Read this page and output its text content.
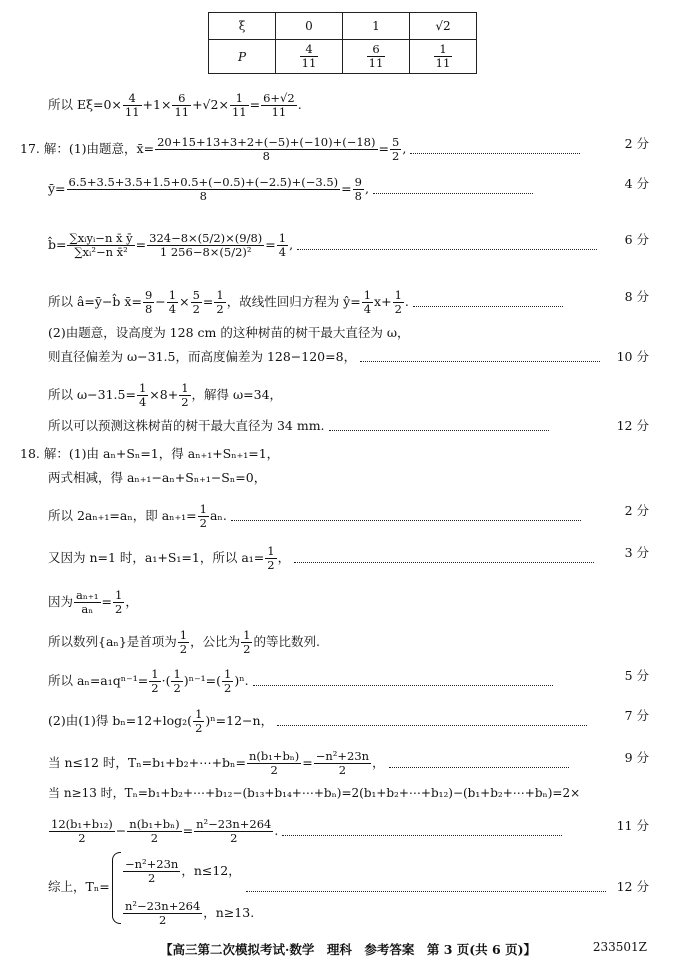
ξ	0	1	√2
P	$\frac{4}{11}$	$\frac{6}{11}$	$\frac{1}{11}$
所以 $E\xi=0\times \frac{4}{11} +1\times \frac{6}{11} +√2\times \frac{1}{11} = \frac{6+√2}{11}$ .
17. 解：(1)由题意，x̄= $\frac{20+15+13+3+2+(-5)+(-10)+(-18)}{8} = \frac{5}{2}$ ,	2 分
ȳ= $\frac{6.5+3.5+3.5+1.5+0.5+(-0.5)+(-2.5)+(-3.5)}{8} = \frac{9}{8}$ ,	4 分
b̂= $\frac{\text{∑xᵢyᵢ−n x̄ ȳ}}{\text{∑xᵢ²−n x̄²}} = \frac{324-8\times(5/2)\times(9/8)}{\text{1 256−8×(5/2)²}} = \frac{1}{4}$ ,	6 分
所以 â=ȳ−b̂ x̄= $\frac{9}{8} - \frac{1}{4} \times \frac{5}{2} = \frac{1}{2}$ ，故线性回归方程为 ŷ= $\frac{1}{4} x+ \frac{1}{2}$ .	8 分
(2)由题意，设高度为 128 cm 的这种树苗的树干最大直径为 ω，
则直径偏差为 ω−31.5，而高度偏差为 128−120=8，	10 分
所以 $\omega-31.5= \frac{1}{4} \times 8+ \frac{1}{2}$ ，解得 ω=34，
所以可以预测这株树苗的树干最大直径为 34 mm.	12 分
18. 解：(1)由 aₙ+Sₙ=1，得 aₙ₊₁+Sₙ₊₁=1，
两式相减，得 aₙ₊₁−aₙ+Sₙ₊₁−Sₙ=0，
所以 2aₙ₊₁=aₙ，即 $a_{n+1}= \frac{1}{2} a_n$.	2 分
又因为 n=1 时，a₁+S₁=1，所以 $a_1= \frac{1}{2}$ ，	3 分
因为 $\frac{\text{aₙ₊₁}}{\text{aₙ}} = \frac{1}{2}$ ，
所以数列{aₙ}是首项为 $\frac{1}{2}$ ，公比为 $\frac{1}{2}$ 的等比数列.
所以 $a_n=a_1q^{n-1}= \frac{1}{2}$ ·( $\frac{1}{2} )^{n-1}=( \frac{1}{2} )^n$.	5 分
(2)由(1)得 $b_n=12+\log_2( \frac{1}{2} )^n=12-n$，	7 分
当 n≤12 时，Tₙ=b₁+b₂+⋯+bₙ= $\frac{\text{n(b₁+bₙ)}}{2} = \frac{\text{−n²+23n}}{2}$ ，	9 分
当 n≥13 时，Tₙ=b₁+b₂+⋯+b₁₂−(b₁₃+b₁₄+⋯+bₙ)=2(b₁+b₂+⋯+b₁₂)−(b₁+b₂+⋯+bₙ)=2×
$\frac{\text{12(b₁+b₁₂)}}{2} - \frac{\text{n(b₁+bₙ)}}{2} = \frac{\text{n²−23n+264}}{2}$ .	11 分
综上，Tₙ=
$\frac{\text{−n²+23n}}{2}$ ，n≤12，
$\frac{\text{n²−23n+264}}{2}$ ，n≥13.
12 分
【高三第二次模拟考试·数学　理科　参考答案　第 3 页(共 6 页)】	233501Z
